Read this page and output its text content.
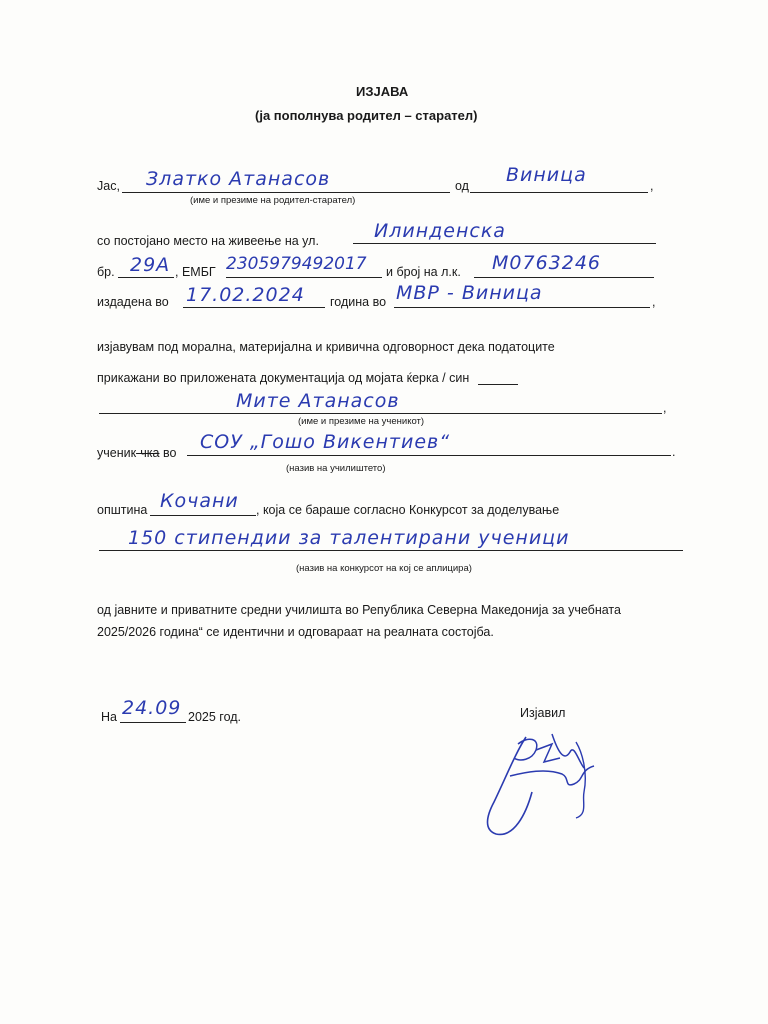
ИЗЈАВА
(ја пополнува родител – старател)
Јас, Златко Атанасов	од Виница	,
(име и презиме на родител-старател)
со постојано место на живеење на ул.	Илинденска
бр. 29А , ЕМБГ 2305979492017 и број на л.к. М0763246
издадена во 17.02.2024 година во МВР - Виница	,
изјавувам под морална, материјална и кривична одговорност дека податоците
прикажани во приложената документација од мојата ќерка / син
Мите Атанасов	,
(име и презиме на ученикот)
ученик-чка во СОУ „Гошо Викентиев“	.
(назив на училиштето)
општина Кочани , која се бараше согласно Конкурсот за доделување
150 стипендии за талентирани ученици
(назив на конкурсот на кој се аплицира)
од јавните и приватните средни училишта во Република Северна Македонија за учебната
2025/2026 година“ се идентични и одговараат на реалната состојба.
На 24.09 2025 год.	Изјавил
